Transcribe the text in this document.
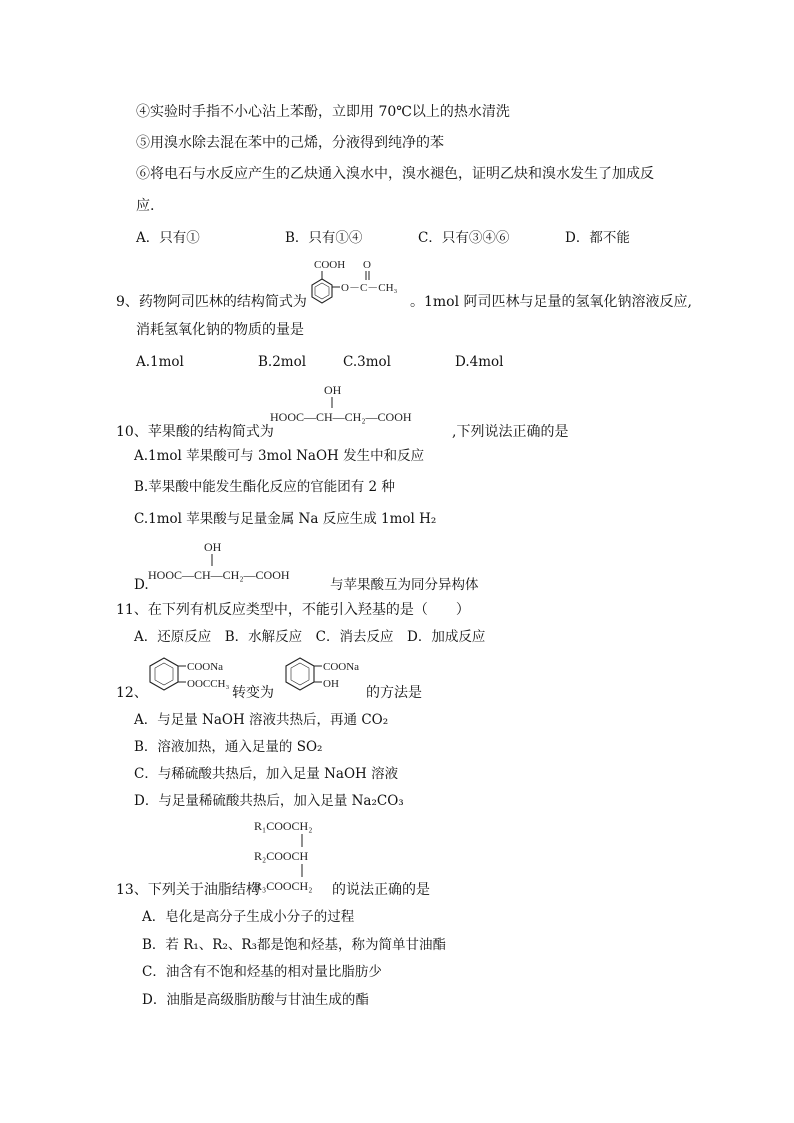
④实验时手指不小心沾上苯酚，立即用 70℃以上的热水清洗
⑤用溴水除去混在苯中的己烯，分液得到纯净的苯
⑥将电石与水反应产生的乙炔通入溴水中，溴水褪色，证明乙炔和溴水发生了加成反
应.
A．只有①	B．只有①④	C．只有③④⑥	D．都不能
9、药物阿司匹林的结构简式为
COOH
O－C－CH₃
O
。1mol 阿司匹林与足量的氢氧化钠溶液反应,
消耗氢氧化钠的物质的量是
A.1mol	B.2mol	C.3mol	D.4mol
10、苹果酸的结构简式为
OH
HOOC—CH—CH₂—COOH
,下列说法正确的是
A.1mol 苹果酸可与 3mol NaOH 发生中和反应
B.苹果酸中能发生酯化反应的官能团有 2 种
C.1mol 苹果酸与足量金属 Na 反应生成 1mol H₂
D.
OH
HOOC—CH—CH₂—COOH
与苹果酸互为同分异构体
11、在下列有机反应类型中，不能引入羟基的是（　　）
A．还原反应　B．水解反应　C．消去反应　D．加成反应
12、
COONa
OOCCH₃
转变为
COONa
OH
的方法是
A．与足量 NaOH 溶液共热后，再通 CO₂
B．溶液加热，通入足量的 SO₂
C．与稀硫酸共热后，加入足量 NaOH 溶液
D．与足量稀硫酸共热后，加入足量 Na₂CO₃
R₁COOCH₂
R₂COOCH
R₃COOCH₂
13、下列关于油脂结构	的说法正确的是
A．皂化是高分子生成小分子的过程
B．若 R₁、R₂、R₃都是饱和烃基，称为简单甘油酯
C．油含有不饱和烃基的相对量比脂肪少
D．油脂是高级脂肪酸与甘油生成的酯
